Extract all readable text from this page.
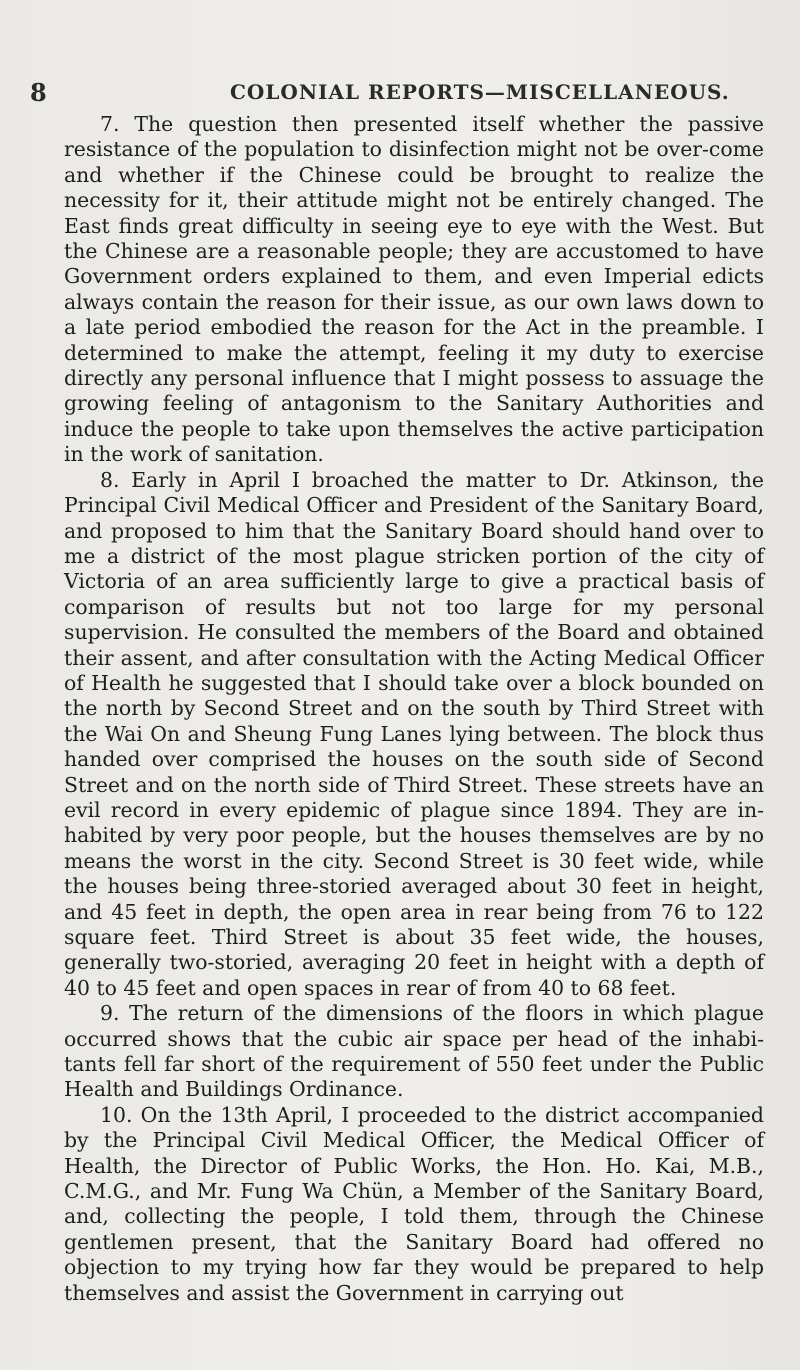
8	COLONIAL REPORTS—MISCELLANEOUS.

7. The question then presented itself whether the passive resistance of the population to disinfection might not be over-come and whether if the Chinese could be brought to realize the necessity for it, their attitude might not be entirely changed. The East finds great difficulty in seeing eye to eye with the West. But the Chinese are a reasonable people; they are accustomed to have Government orders explained to them, and even Imperial edicts always contain the reason for their issue, as our own laws down to a late period embodied the reason for the Act in the preamble. I determined to make the attempt, feeling it my duty to exercise directly any personal influence that I might possess to assuage the growing feeling of antagonism to the Sanitary Authorities and induce the people to take upon themselves the active participation in the work of sanitation.

8. Early in April I broached the matter to Dr. Atkinson, the Principal Civil Medical Officer and President of the Sanitary Board, and proposed to him that the Sanitary Board should hand over to me a district of the most plague stricken portion of the city of Victoria of an area sufficiently large to give a practical basis of comparison of results but not too large for my personal supervision. He consulted the members of the Board and obtained their assent, and after consultation with the Acting Medical Officer of Health he suggested that I should take over a block bounded on the north by Second Street and on the south by Third Street with the Wai On and Sheung Fung Lanes lying between. The block thus handed over comprised the houses on the south side of Second Street and on the north side of Third Street. These streets have an evil record in every epidemic of plague since 1894. They are in-habited by very poor people, but the houses themselves are by no means the worst in the city. Second Street is 30 feet wide, while the houses being three-storied averaged about 30 feet in height, and 45 feet in depth, the open area in rear being from 76 to 122 square feet. Third Street is about 35 feet wide, the houses, generally two-storied, averaging 20 feet in height with a depth of 40 to 45 feet and open spaces in rear of from 40 to 68 feet.

9. The return of the dimensions of the floors in which plague occurred shows that the cubic air space per head of the inhabi-tants fell far short of the requirement of 550 feet under the Public Health and Buildings Ordinance.

10. On the 13th April, I proceeded to the district accompanied by the Principal Civil Medical Officer, the Medical Officer of Health, the Director of Public Works, the Hon. Ho. Kai, M.B., C.M.G., and Mr. Fung Wa Chün, a Member of the Sanitary Board, and, collecting the people, I told them, through the Chinese gentlemen present, that the Sanitary Board had offered no objection to my trying how far they would be prepared to help themselves and assist the Government in carrying out
